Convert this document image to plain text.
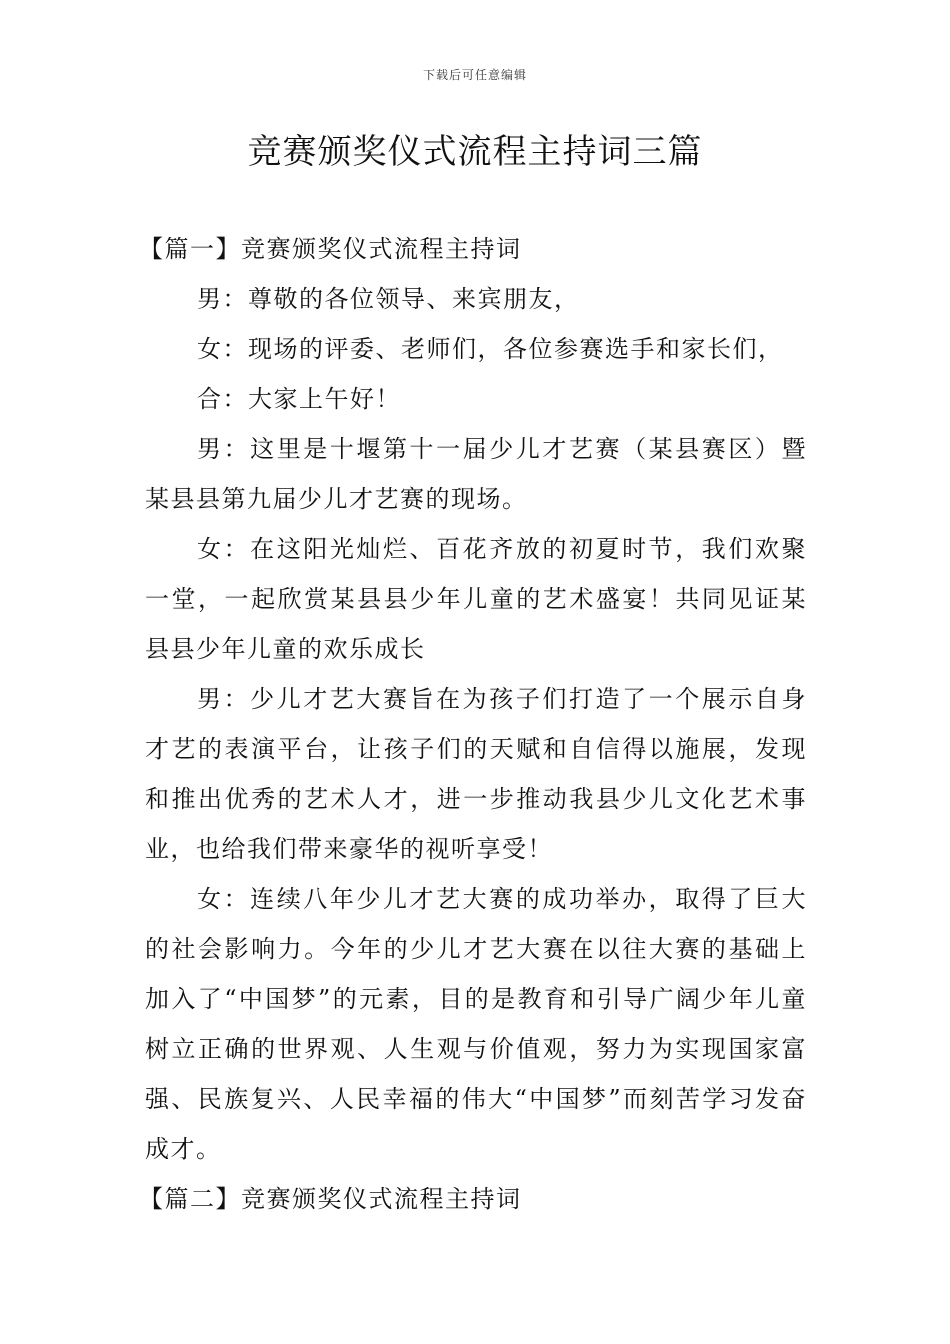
下载后可任意编辑
竞赛颁奖仪式流程主持词三篇

【篇一】竞赛颁奖仪式流程主持词

男：尊敬的各位领导、来宾朋友，

女：现场的评委、老师们，各位参赛选手和家长们，

合：大家上午好！

男：这里是十堰第十一届少儿才艺赛（某县赛区）暨某县县第九届少儿才艺赛的现场。

女：在这阳光灿烂、百花齐放的初夏时节，我们欢聚一堂，一起欣赏某县县少年儿童的艺术盛宴！共同见证某县县少年儿童的欢乐成长

男：少儿才艺大赛旨在为孩子们打造了一个展示自身才艺的表演平台，让孩子们的天赋和自信得以施展，发现和推出优秀的艺术人才，进一步推动我县少儿文化艺术事业，也给我们带来豪华的视听享受！

女：连续八年少儿才艺大赛的成功举办，取得了巨大的社会影响力。今年的少儿才艺大赛在以往大赛的基础上加入了“中国梦”的元素，目的是教育和引导广阔少年儿童树立正确的世界观、人生观与价值观，努力为实现国家富强、民族复兴、人民幸福的伟大“中国梦”而刻苦学习发奋成才。

【篇二】竞赛颁奖仪式流程主持词
